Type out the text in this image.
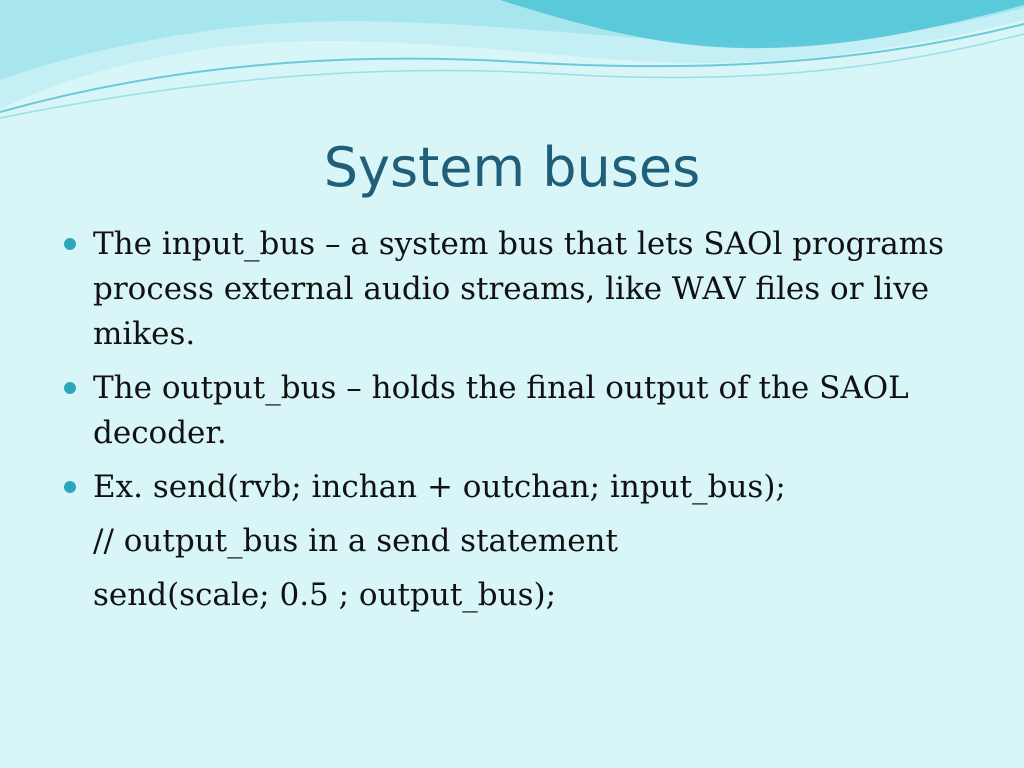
System buses
The input_bus – a system bus that lets SAOl programs process external audio streams, like WAV files or live mikes.
The output_bus – holds the final output of the SAOL decoder.
Ex. send(rvb; inchan + outchan; input_bus);
// output_bus in a send statement
send(scale; 0.5 ; output_bus);
